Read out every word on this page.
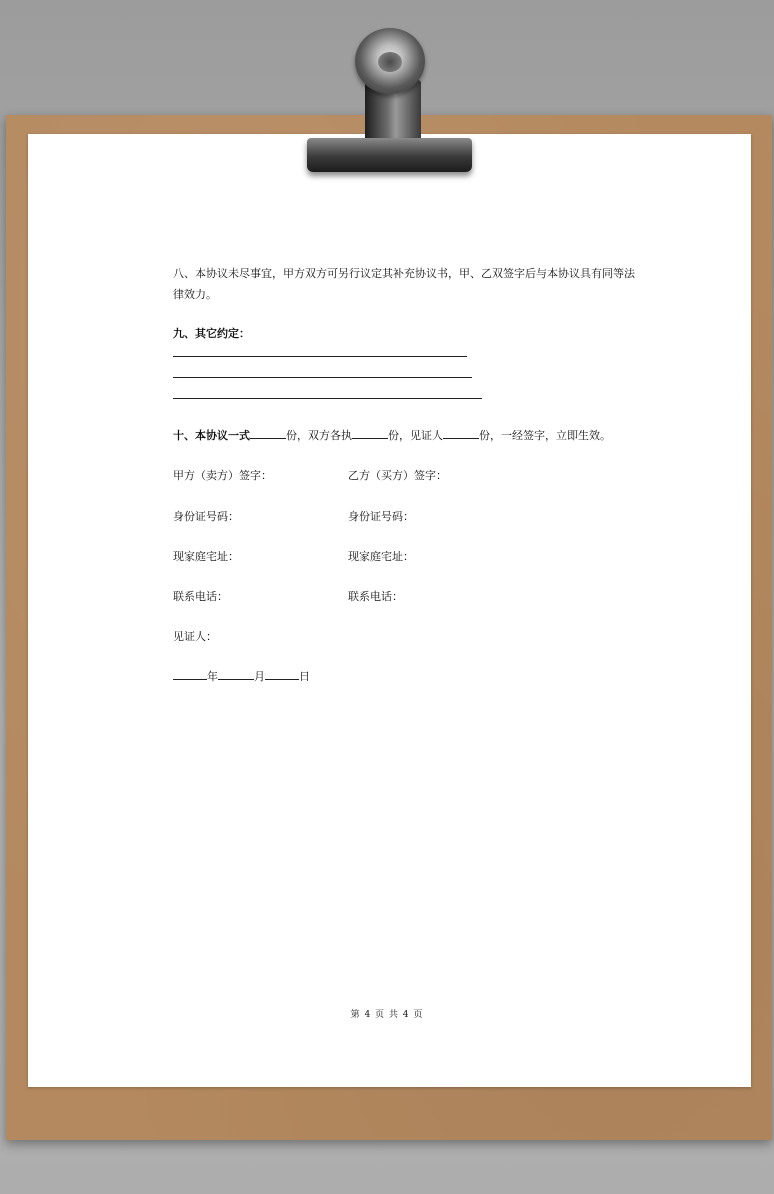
八、本协议未尽事宜，甲方双方可另行议定其补充协议书，甲、乙双签字后与本协议具有同等法
律效力。
九、其它约定：
十、本协议一式	份，双方各执	份，见证人	份，一经签字，立即生效。
甲方（卖方）签字：	乙方（买方）签字：
身份证号码：	身份证号码：
现家庭宅址：	现家庭宅址：
联系电话：	联系电话：
见证人：
年	月	日
第 4 页 共 4 页
